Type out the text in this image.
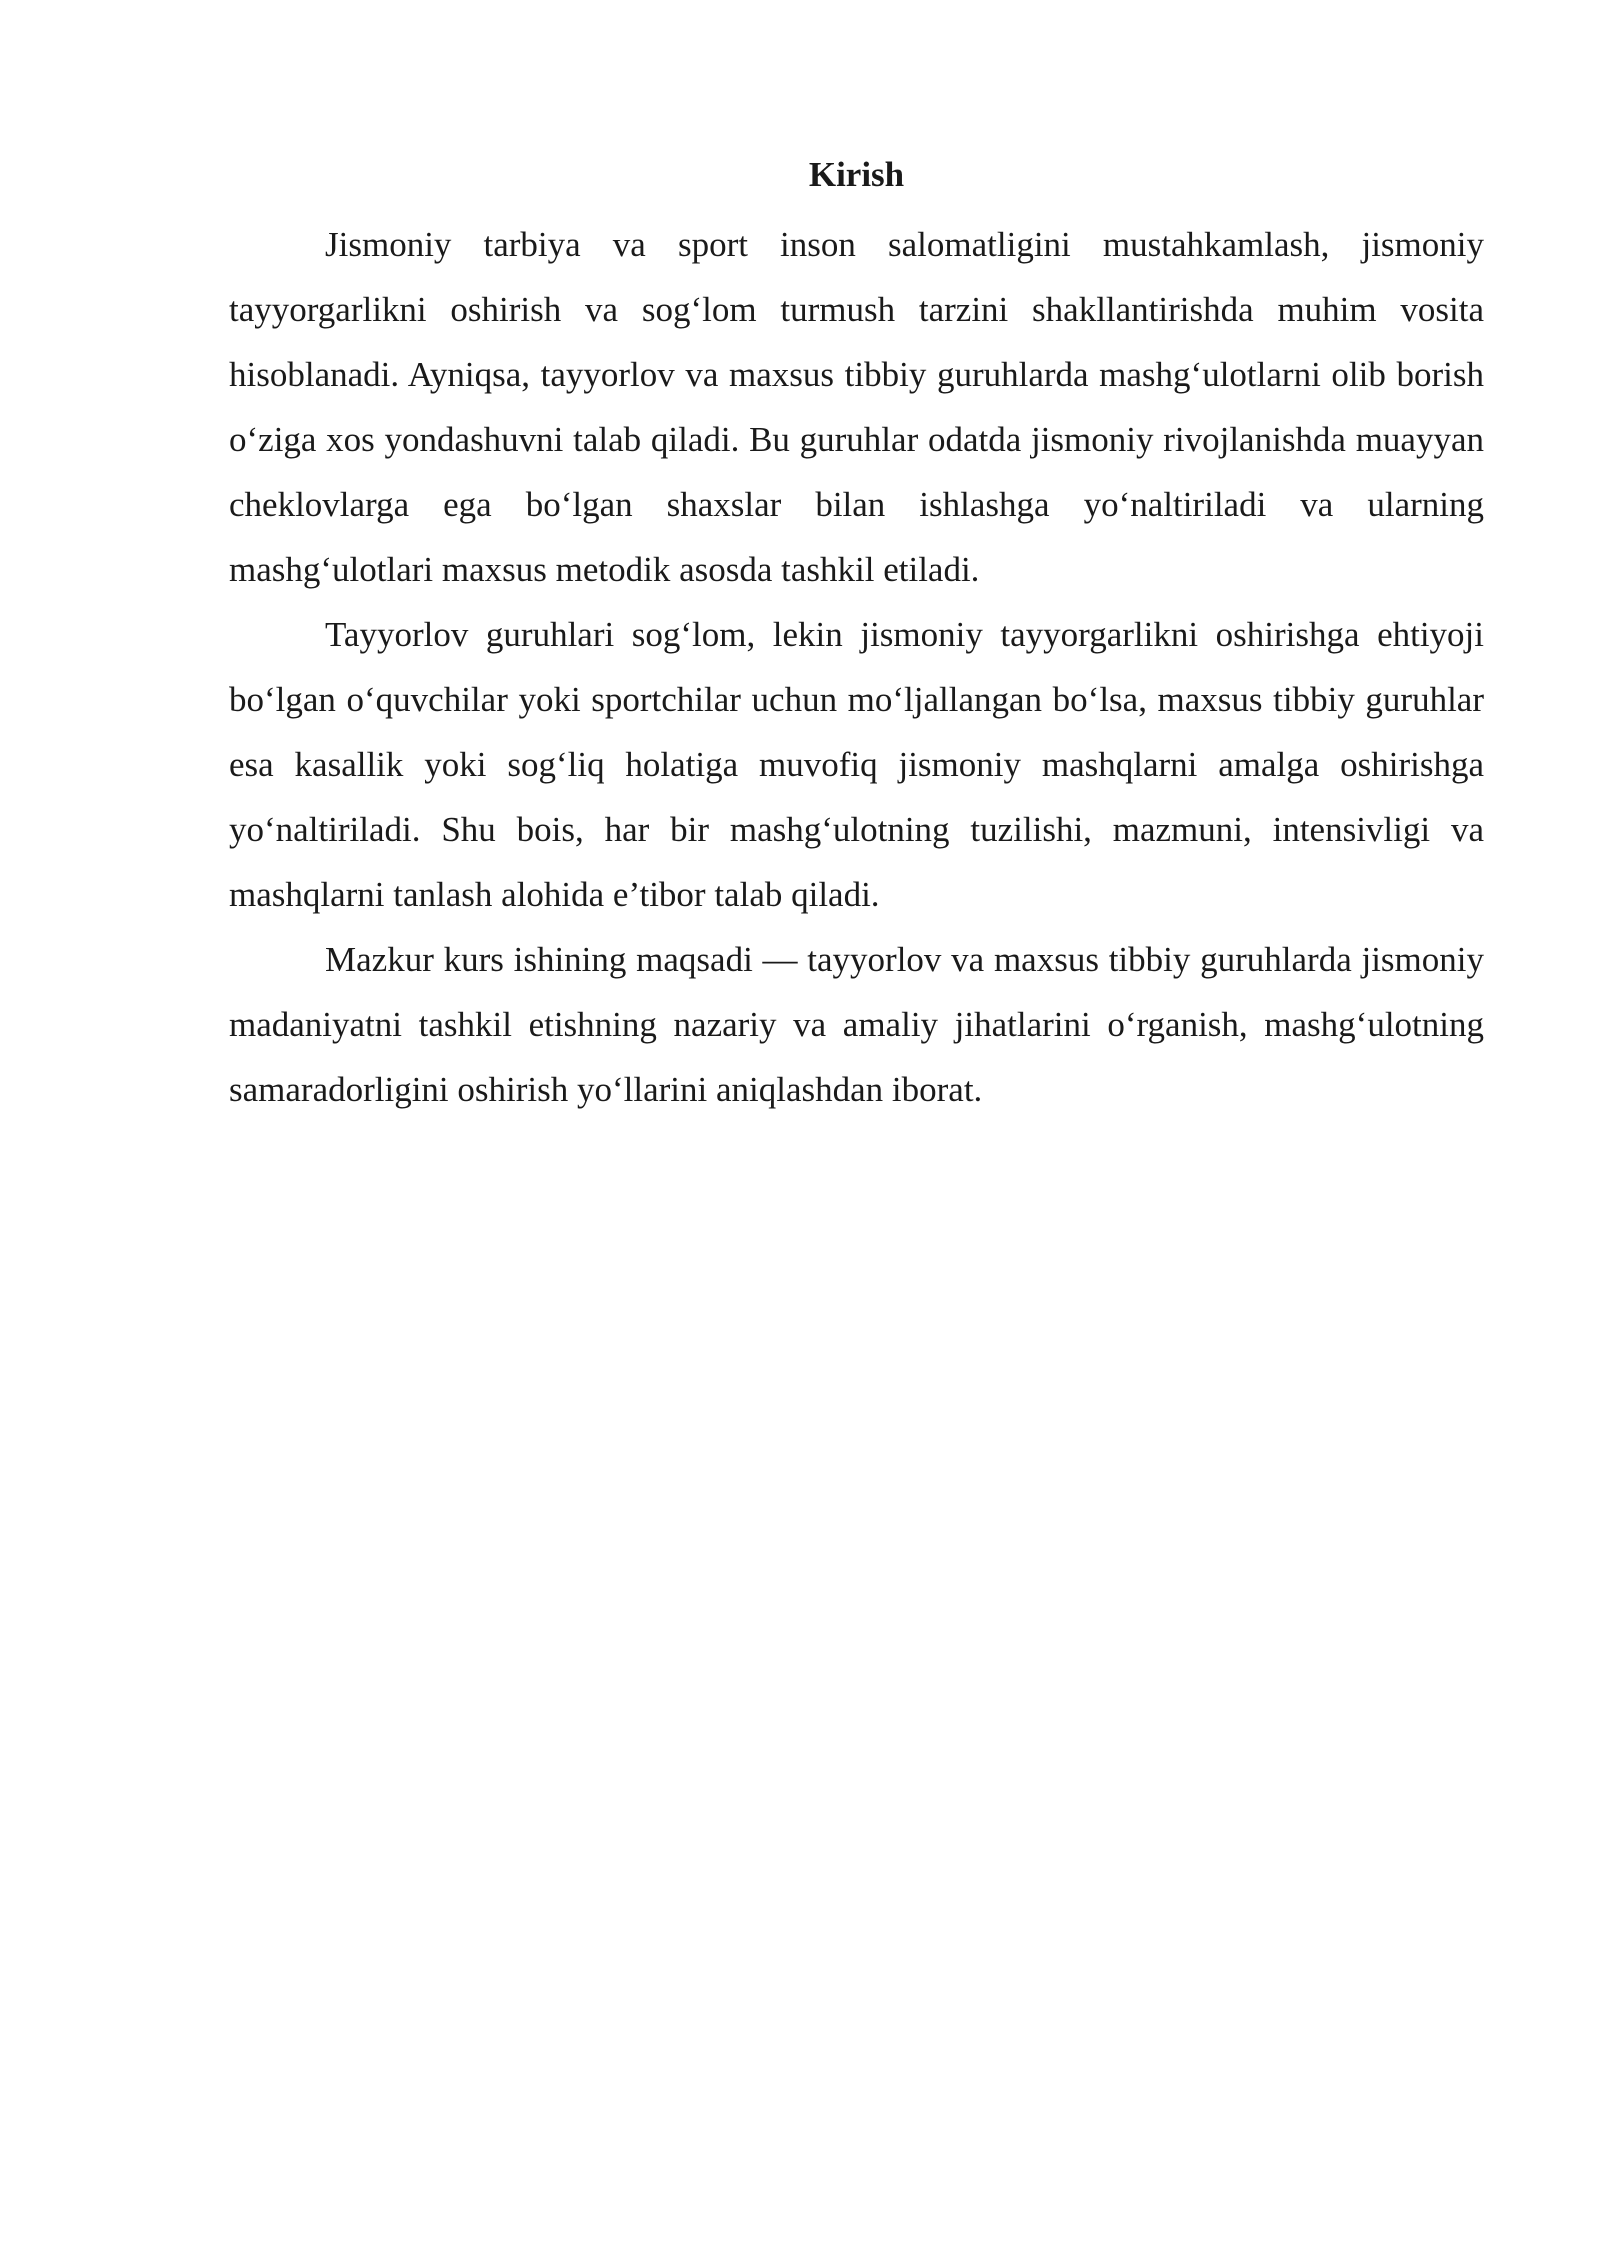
Kirish

Jismoniy tarbiya va sport inson salomatligini mustahkamlash, jismoniy tayyorgarlikni oshirish va sog‘lom turmush tarzini shakllantirishda muhim vosita hisoblanadi. Ayniqsa, tayyorlov va maxsus tibbiy guruhlarda mashg‘ulotlarni olib borish o‘ziga xos yondashuvni talab qiladi. Bu guruhlar odatda jismoniy rivojlanishda muayyan cheklovlarga ega bo‘lgan shaxslar bilan ishlashga yo‘naltiriladi va ularning mashg‘ulotlari maxsus metodik asosda tashkil etiladi.

Tayyorlov guruhlari sog‘lom, lekin jismoniy tayyorgarlikni oshirishga ehtiyoji bo‘lgan o‘quvchilar yoki sportchilar uchun mo‘ljallangan bo‘lsa, maxsus tibbiy guruhlar esa kasallik yoki sog‘liq holatiga muvofiq jismoniy mashqlarni amalga oshirishga yo‘naltiriladi. Shu bois, har bir mashg‘ulotning tuzilishi, mazmuni, intensivligi va mashqlarni tanlash alohida e’tibor talab qiladi.

Mazkur kurs ishining maqsadi — tayyorlov va maxsus tibbiy guruhlarda jismoniy madaniyatni tashkil etishning nazariy va amaliy jihatlarini o‘rganish, mashg‘ulotning samaradorligini oshirish yo‘llarini aniqlashdan iborat.
